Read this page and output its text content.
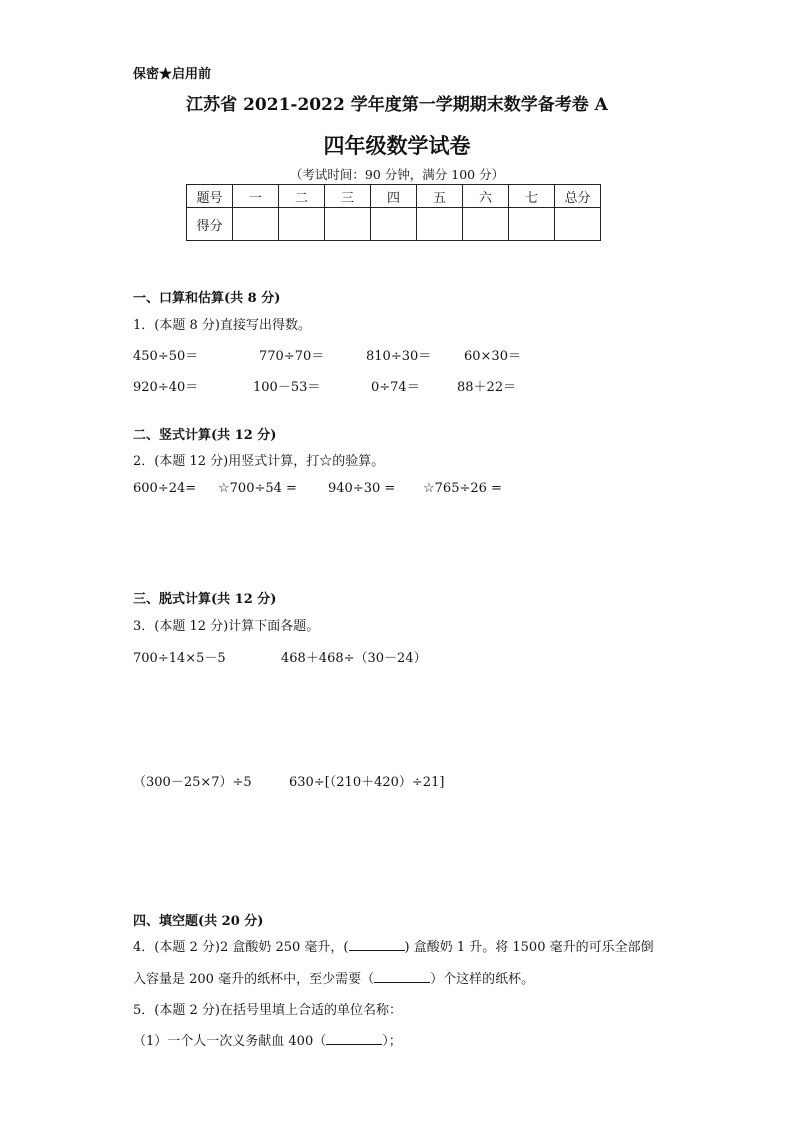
保密★启用前
江苏省 2021-2022 学年度第一学期期末数学备考卷 A
四年级数学试卷
（考试时间：90 分钟，满分 100 分）
题号	一	二	三	四	五	六	七	总分
得分								
一、口算和估算(共 8 分)
1．(本题 8 分)直接写出得数。
450÷50＝	770÷70＝	810÷30＝	60×30＝
920÷40＝	100－53＝	0÷74＝	88＋22＝
二、竖式计算(共 12 分)
2．(本题 12 分)用竖式计算，打☆的验算。
600÷24= ☆700÷54 = 940÷30 = ☆765÷26 =
三、脱式计算(共 12 分)
3．(本题 12 分)计算下面各题。
700÷14×5－5	468＋468÷（30－24）
（300－25×7）÷5	630÷[（210＋420）÷21]
四、填空题(共 20 分)
4．(本题 2 分)2 盒酸奶 250 毫升，(	) 盒酸奶 1 升。将 1500 毫升的可乐全部倒
入容量是 200 毫升的纸杯中，至少需要（	）个这样的纸杯。
5．(本题 2 分)在括号里填上合适的单位名称：
（1）一个人一次义务献血 400（	）；
